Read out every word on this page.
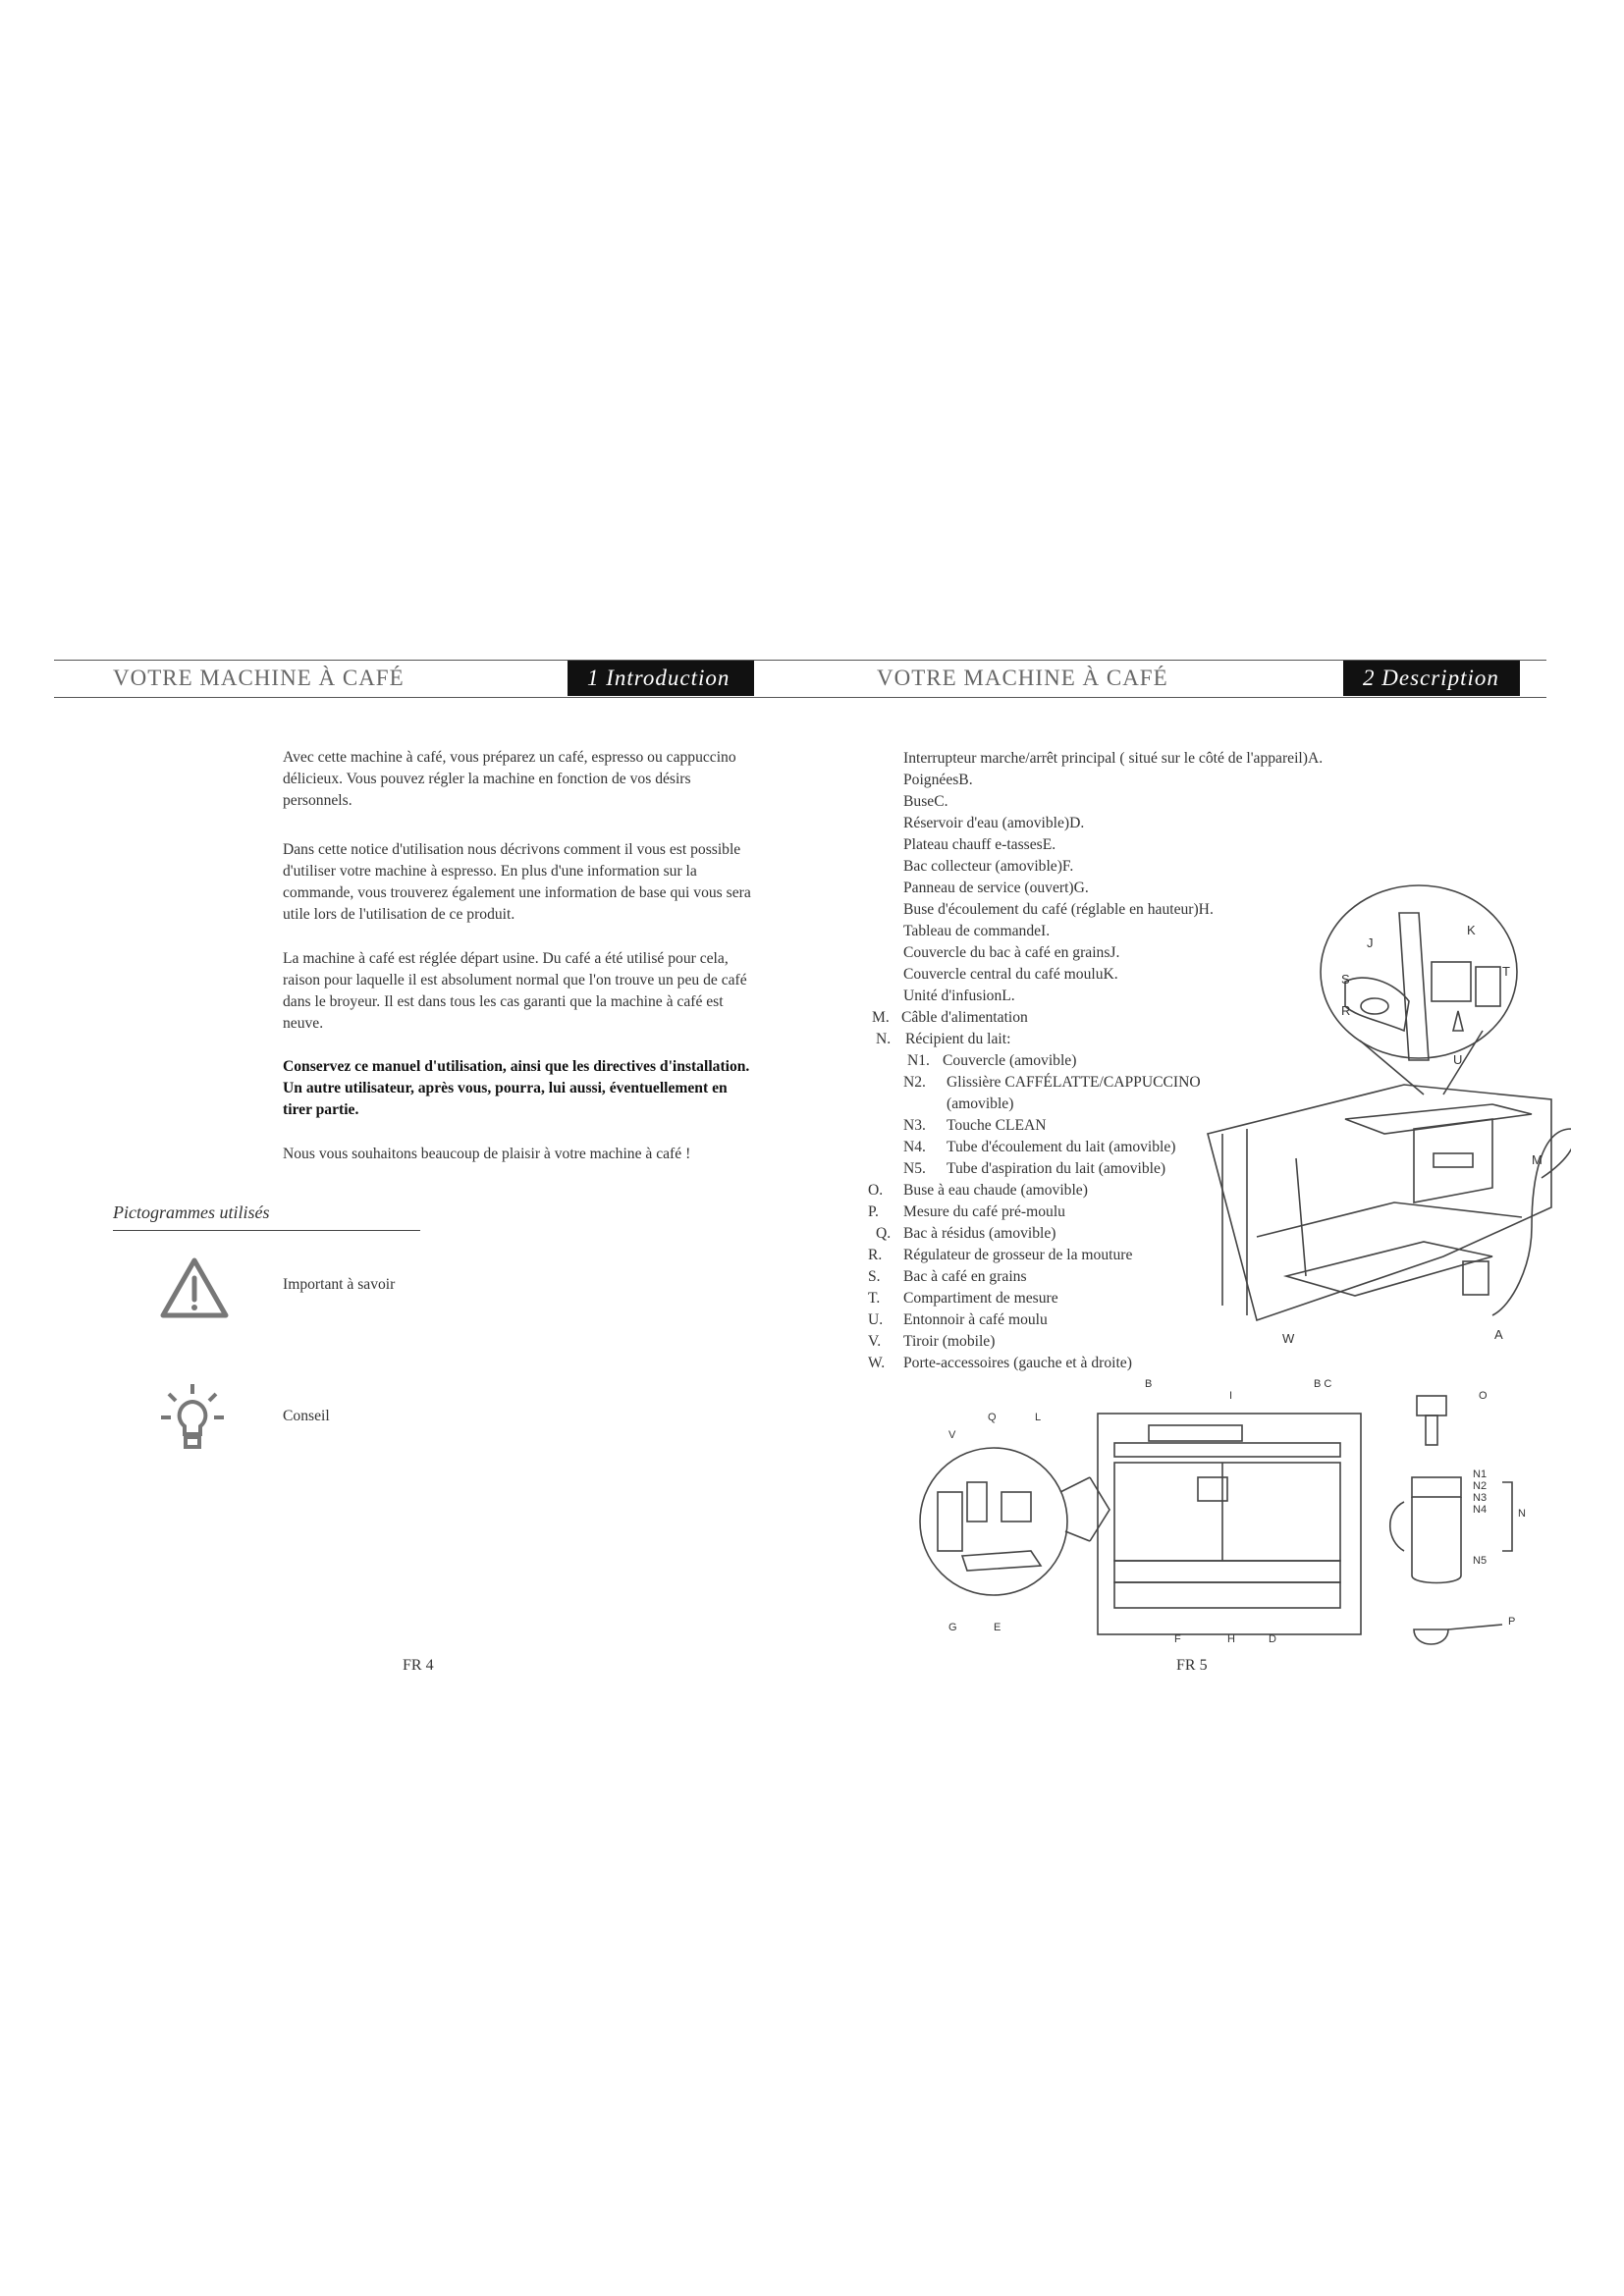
VOTRE MACHINE À CAFÉ	1 Introduction	VOTRE MACHINE À CAFÉ	2 Description
Avec cette machine à café, vous préparez un café, espresso ou cappuccino délicieux. Vous pouvez régler la machine en fonction de vos désirs personnels.
Dans cette notice d'utilisation nous décrivons comment il vous est possible d'utiliser votre machine à espresso. En plus d'une information sur la commande, vous trouverez également une information de base qui vous sera utile lors de l'utilisation de ce produit.
La machine à café est réglée départ usine. Du café a été utilisé pour cela, raison pour laquelle il est absolument normal que l'on trouve un peu de café dans le broyeur. Il est dans tous les cas garanti que la machine à café est neuve.
Conservez ce manuel d'utilisation, ainsi que les directives d'installation. Un autre utilisateur, après vous, pourra, lui aussi, éventuellement en tirer partie.
Nous vous souhaitons beaucoup de plaisir à votre machine à café !
Pictogrammes utilisés
Important à savoir
Conseil
FR 4
Interrupteur marche/arrêt principal ( situé sur le côté de l'appareil)A.
PoignéesB.
BuseC.
Réservoir d'eau (amovible)D.
Plateau chauff e-tassesE.
Bac collecteur (amovible)F.
Panneau de service (ouvert)G.
Buse d'écoulement du café (réglable en hauteur)H.
Tableau de commandeI.
Couvercle du bac à café en grainsJ.
Couvercle central du café mouluK.
Unité d'infusionL.
M. Câble d'alimentation
N. Récipient du lait:
N1. Couvercle (amovible)
N2. Glissière CAFFÉLATTE/CAPPUCCINO
(amovible)
N3. Touche CLEAN
N4. Tube d'écoulement du lait (amovible)
N5. Tube d'aspiration du lait (amovible)
O. Buse à eau chaude (amovible)
P. Mesure du café pré-moulu
Q. Bac à résidus (amovible)
R. Régulateur de grosseur de la mouture
S. Bac à café en grains
T. Compartiment de mesure
U. Entonnoir à café moulu
V. Tiroir (mobile)
W. Porte-accessoires (gauche et à droite)
J
K
S
T
R
U
M
A
W
B
I
B C
O
V
Q	L
N1
N2
N3
N4	N
N5
P
G	E
F	H	D
FR 5
